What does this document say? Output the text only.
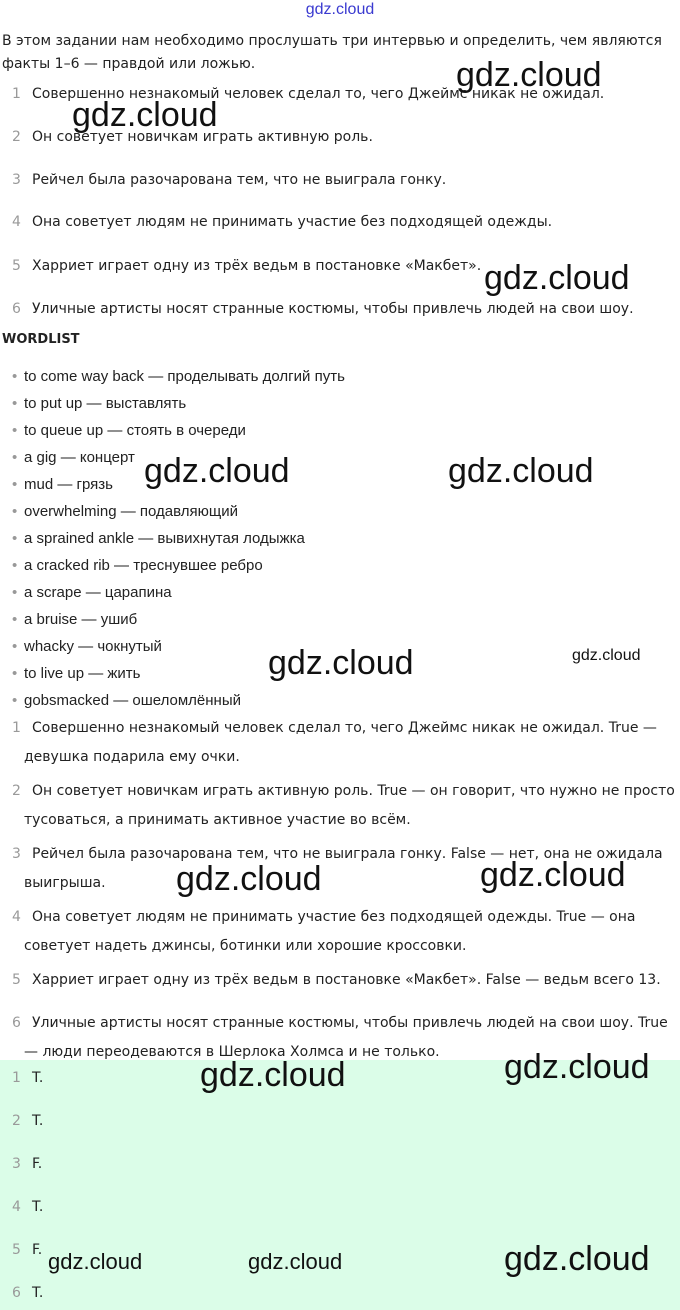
gdz.cloud
В этом задании нам необходимо прослушать три интервью и определить, чем являются факты 1–6 — правдой или ложью.
1 Совершенно незнакомый человек сделал то, чего Джеймс никак не ожидал.
2 Он советует новичкам играть активную роль.
3 Рейчел была разочарована тем, что не выиграла гонку.
4 Она советует людям не принимать участие без подходящей одежды.
5 Харриет играет одну из трёх ведьм в постановке «Макбет».
6 Уличные артисты носят странные костюмы, чтобы привлечь людей на свои шоу.
WORDLIST
• to come way back — проделывать долгий путь
• to put up — выставлять
• to queue up — стоять в очереди
• a gig — концерт
• mud — грязь
• overwhelming — подавляющий
• a sprained ankle — вывихнутая лодыжка
• a cracked rib — треснувшее ребро
• a scrape — царапина
• a bruise — ушиб
• whacky — чокнутый
• to live up — жить
• gobsmacked — ошеломлённый
1 Совершенно незнакомый человек сделал то, чего Джеймс никак не ожидал. True —
девушка подарила ему очки.
2 Он советует новичкам играть активную роль. True — он говорит, что нужно не просто
тусоваться, а принимать активное участие во всём.
3 Рейчел была разочарована тем, что не выиграла гонку. False — нет, она не ожидала
выигрыша.
4 Она советует людям не принимать участие без подходящей одежды. True — она
советует надеть джинсы, ботинки или хорошие кроссовки.
5 Харриет играет одну из трёх ведьм в постановке «Макбет». False — ведьм всего 13.
6 Уличные артисты носят странные костюмы, чтобы привлечь людей на свои шоу. True
— люди переодеваются в Шерлока Холмса и не только.
1 T.
2 T.
3 F.
4 T.
5 F.
6 T.
gdz.cloud
gdz.cloud
gdz.cloud
gdz.cloud	gdz.cloud
gdz.cloud	gdz.cloud
gdz.cloud	gdz.cloud
gdz.cloud	gdz.cloud
gdz.cloud	gdz.cloud	gdz.cloud
